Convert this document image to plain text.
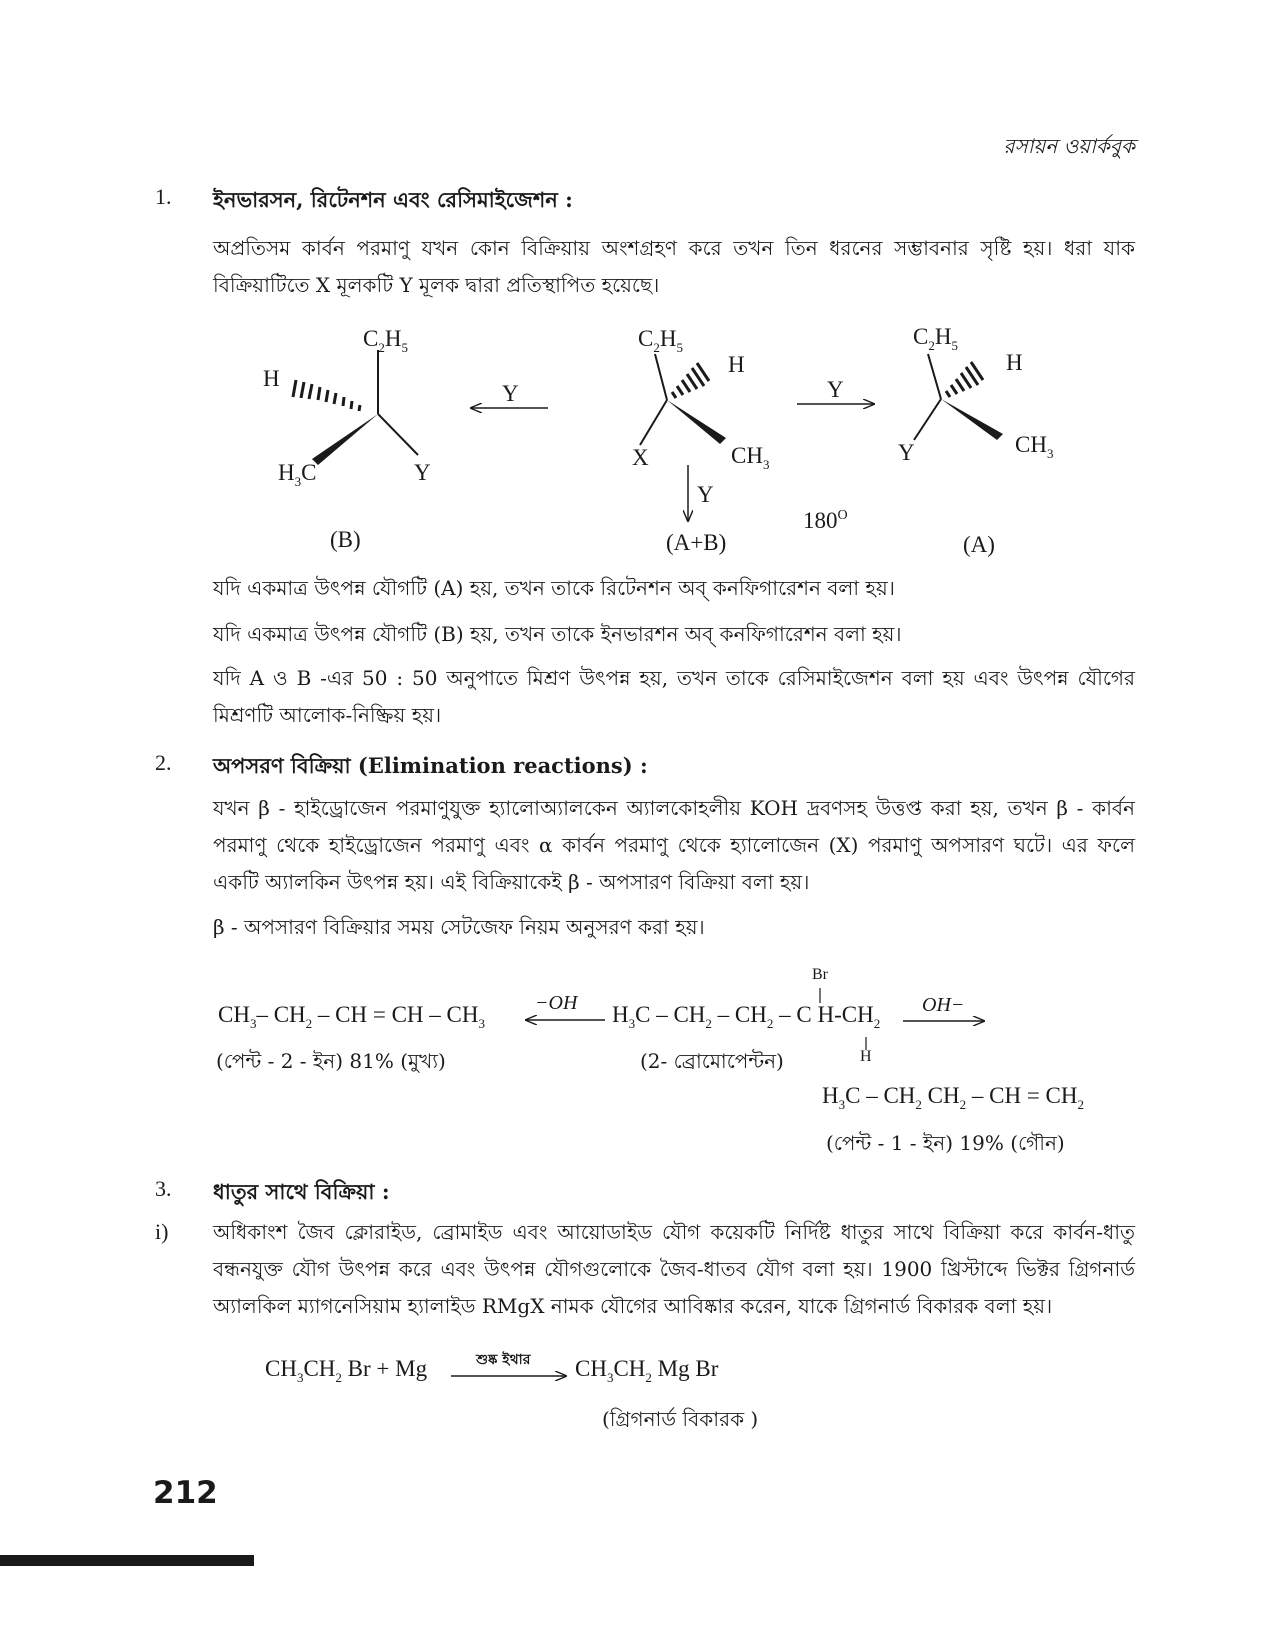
রসায়ন ওয়ার্কবুক
1. ইনভারসন, রিটেনশন এবং রেসিমাইজেশন :
অপ্রতিসম কার্বন পরমাণু যখন কোন বিক্রিয়ায় অংশগ্রহণ করে তখন তিন ধরনের সম্ভাবনার সৃষ্টি হয়। ধরা যাক বিক্রিয়াটিতে X মূলকটি Y মূলক দ্বারা প্রতিস্থাপিত হয়েছে।
$C_2H_5$
H
$H_3C$	Y
(B)
Y	Y
$C_2H_5$
H
X	$CH_3$
Y
(A+B)
$180^O$
$C_2H_5$
H
Y	$CH_3$
(A)
যদি একমাত্র উৎপন্ন যৌগটি (A) হয়, তখন তাকে রিটেনশন অব্ কনফিগারেশন বলা হয়।
যদি একমাত্র উৎপন্ন যৌগটি (B) হয়, তখন তাকে ইনভারশন অব্ কনফিগারেশন বলা হয়।
যদি A ও B -এর 50 : 50 অনুপাতে মিশ্রণ উৎপন্ন হয়, তখন তাকে রেসিমাইজেশন বলা হয় এবং উৎপন্ন যৌগের মিশ্রণটি আলোক-নিষ্ক্রিয় হয়।
2. অপসরণ বিক্রিয়া (Elimination reactions) :
যখন β - হাইড্রোজেন পরমাণুযুক্ত হ্যালোঅ্যালকেন অ্যালকোহলীয় KOH দ্রবণসহ উত্তপ্ত করা হয়, তখন β - কার্বন পরমাণু থেকে হাইড্রোজেন পরমাণু এবং α কার্বন পরমাণু থেকে হ্যালোজেন (X) পরমাণু অপসারণ ঘটে। এর ফলে একটি অ্যালকিন উৎপন্ন হয়। এই বিক্রিয়াকেই β - অপসারণ বিক্রিয়া বলা হয়।
β - অপসারণ বিক্রিয়ার সময় সেটজেফ নিয়ম অনুসরণ করা হয়।
Br
H
$CH_3-$ $CH_2$ – CH = CH – $CH_3$
−OH $H_3C - CH_2 - CH_2$ – C $H-CH_2$
OH−
(পেন্ট - 2 - ইন) 81% (মুখ্য)	(2- ব্রোমোপেন্টন)
$H_3C - CH_2$ $CH_2$ – CH = $CH_2$
(পেন্ট - 1 - ইন) 19% (গৌন)
3. ধাতুর সাথে বিক্রিয়া :
i) অধিকাংশ জৈব ক্লোরাইড, ব্রোমাইড এবং আয়োডাইড যৌগ কয়েকটি নির্দিষ্ট ধাতুর সাথে বিক্রিয়া করে কার্বন-ধাতু বন্ধনযুক্ত যৌগ উৎপন্ন করে এবং উৎপন্ন যৌগগুলোকে জৈব-ধাতব যৌগ বলা হয়। 1900 খ্রিস্টাব্দে ভিক্টর গ্রিগনার্ড অ্যালকিল ম্যাগনেসিয়াম হ্যালাইড RMgX নামক যৌগের আবিষ্কার করেন, যাকে গ্রিগনার্ড বিকারক বলা হয়।
$CH_3CH_2$ Br + Mg	শুষ্ক ইথার $CH_3CH_2$ Mg Br
(গ্রিগনার্ড বিকারক )
212
